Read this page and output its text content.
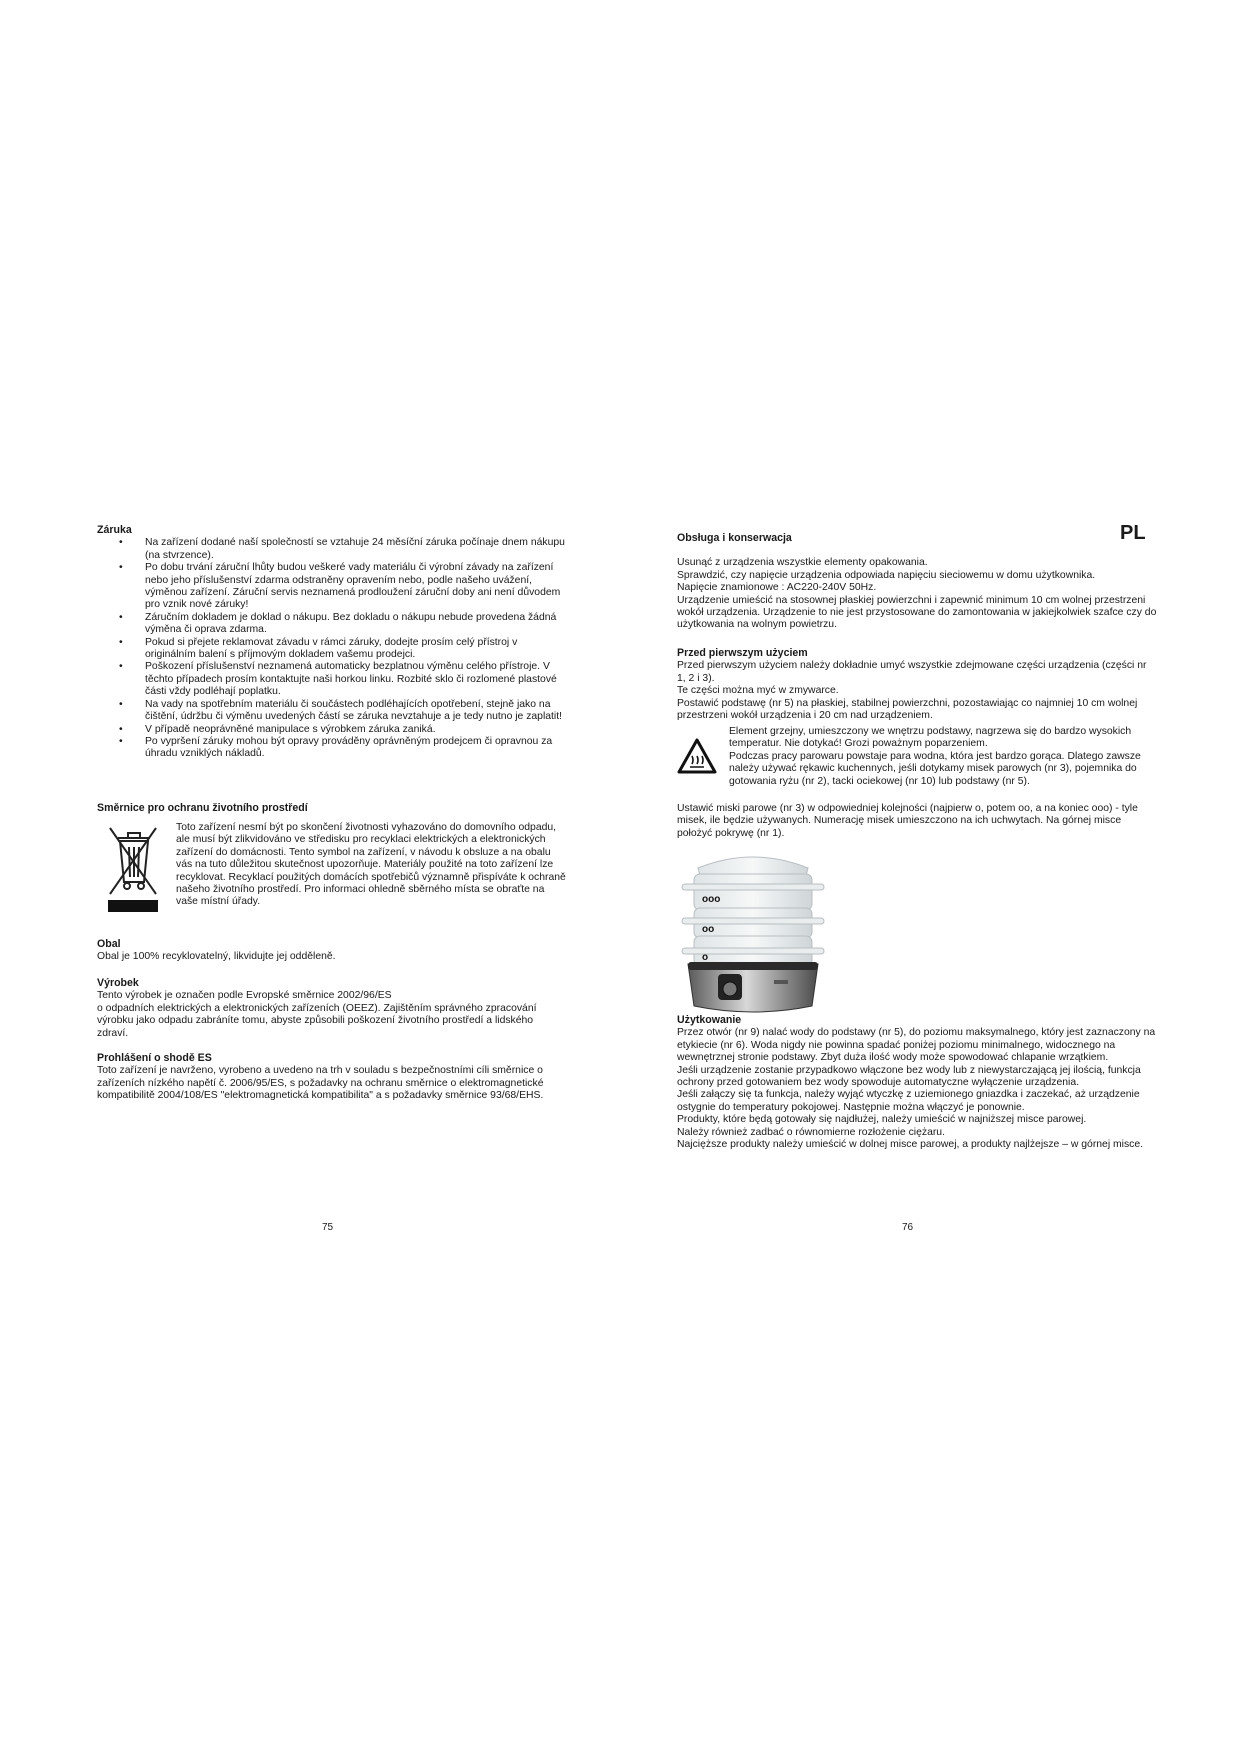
Záruka
• Na zařízení dodané naší společností se vztahuje 24 měsíční záruka počínaje dnem nákupu (na stvrzence).
• Po dobu trvání záruční lhůty budou veškeré vady materiálu či výrobní závady na zařízení nebo jeho příslušenství zdarma odstraněny opravením nebo, podle našeho uvážení, výměnou zařízení. Záruční servis neznamená prodloužení záruční doby ani není důvodem pro vznik nové záruky!
• Záručním dokladem je doklad o nákupu. Bez dokladu o nákupu nebude provedena žádná výměna či oprava zdarma.
• Pokud si přejete reklamovat závadu v rámci záruky, dodejte prosím celý přístroj v originálním balení s příjmovým dokladem vašemu prodejci.
• Poškození příslušenství neznamená automaticky bezplatnou výměnu celého přístroje. V těchto případech prosím kontaktujte naši horkou linku. Rozbité sklo či rozlomené plastové části vždy podléhají poplatku.
• Na vady na spotřebním materiálu či součástech podléhajících opotřebení, stejně jako na čištění, údržbu či výměnu uvedených částí se záruka nevztahuje a je tedy nutno je zaplatit!
• V případě neoprávněné manipulace s výrobkem záruka zaniká.
• Po vypršení záruky mohou být opravy prováděny oprávněným prodejcem či opravnou za úhradu vzniklých nákladů.
Směrnice pro ochranu životního prostředí

Toto zařízení nesmí být po skončení životnosti vyhazováno do domovního odpadu, ale musí být zlikvidováno ve středisku pro recyklaci elektrických a elektronických zařízení do domácnosti. Tento symbol na zařízení, v návodu k obsluze a na obalu vás na tuto důležitou skutečnost upozorňuje. Materiály použité na toto zařízení lze recyklovat. Recyklací použitých domácích spotřebičů významně přispíváte k ochraně našeho životního prostředí. Pro informaci ohledně sběrného místa se obraťte na vaše místní úřady.

Obal

Obal je 100% recyklovatelný, likvidujte jej odděleně.

Výrobek

Tento výrobek je označen podle Evropské směrnice 2002/96/ES

o odpadních elektrických a elektronických zařízeních (OEEZ). Zajištěním správného zpracování výrobku jako odpadu zabráníte tomu, abyste způsobili poškození životního prostředí a lidského zdraví.

Prohlášení o shodě ES

Toto zařízení je navrženo, vyrobeno a uvedeno na trh v souladu s bezpečnostními cíli směrnice o zařízeních nízkého napětí č. 2006/95/ES, s požadavky na ochranu směrnice o elektromagnetické kompatibilitě 2004/108/ES "elektromagnetická kompatibilita" a s požadavky směrnice 93/68/EHS.

75
PL
Obsługa i konserwacja

Usunąć z urządzenia wszystkie elementy opakowania.

Sprawdzić, czy napięcie urządzenia odpowiada napięciu sieciowemu w domu użytkownika.

Napięcie znamionowe : AC220-240V 50Hz.

Urządzenie umieścić na stosownej płaskiej powierzchni i zapewnić minimum 10 cm wolnej przestrzeni wokół urządzenia. Urządzenie to nie jest przystosowane do zamontowania w jakiejkolwiek szafce czy do użytkowania na wolnym powietrzu.

Przed pierwszym użyciem

Przed pierwszym użyciem należy dokładnie umyć wszystkie zdejmowane części urządzenia (części nr 1, 2 i 3).

Te części można myć w zmywarce.

Postawić podstawę (nr 5) na płaskiej, stabilnej powierzchni, pozostawiając co najmniej 10 cm wolnej przestrzeni wokół urządzenia i 20 cm nad urządzeniem.

Element grzejny, umieszczony we wnętrzu podstawy, nagrzewa się do bardzo wysokich temperatur. Nie dotykać! Grozi poważnym poparzeniem.

Podczas pracy parowaru powstaje para wodna, która jest bardzo gorąca. Dlatego zawsze należy używać rękawic kuchennych, jeśli dotykamy misek parowych (nr 3), pojemnika do gotowania ryżu (nr 2), tacki ociekowej (nr 10) lub podstawy (nr 5).

Ustawić miski parowe (nr 3) w odpowiedniej kolejności (najpierw o, potem oo, a na koniec ooo) - tyle misek, ile będzie używanych. Numerację misek umieszczono na ich uchwytach. Na górnej misce położyć pokrywę (nr 1).

ooo
oo
o
Użytkowanie

Przez otwór (nr 9) nalać wody do podstawy (nr 5), do poziomu maksymalnego, który jest zaznaczony na etykiecie (nr 6). Woda nigdy nie powinna spadać poniżej poziomu minimalnego, widocznego na wewnętrznej stronie podstawy. Zbyt duża ilość wody może spowodować chlapanie wrzątkiem.

Jeśli urządzenie zostanie przypadkowo włączone bez wody lub z niewystarczającą jej ilością, funkcja ochrony przed gotowaniem bez wody spowoduje automatyczne wyłączenie urządzenia.

Jeśli załączy się ta funkcja, należy wyjąć wtyczkę z uziemionego gniazdka i zaczekać, aż urządzenie ostygnie do temperatury pokojowej. Następnie można włączyć je ponownie.

Produkty, które będą gotowały się najdłużej, należy umieścić w najniższej misce parowej.

Należy również zadbać o równomierne rozłożenie ciężaru.

Najcięższe produkty należy umieścić w dolnej misce parowej, a produkty najlżejsze – w górnej misce.

76
